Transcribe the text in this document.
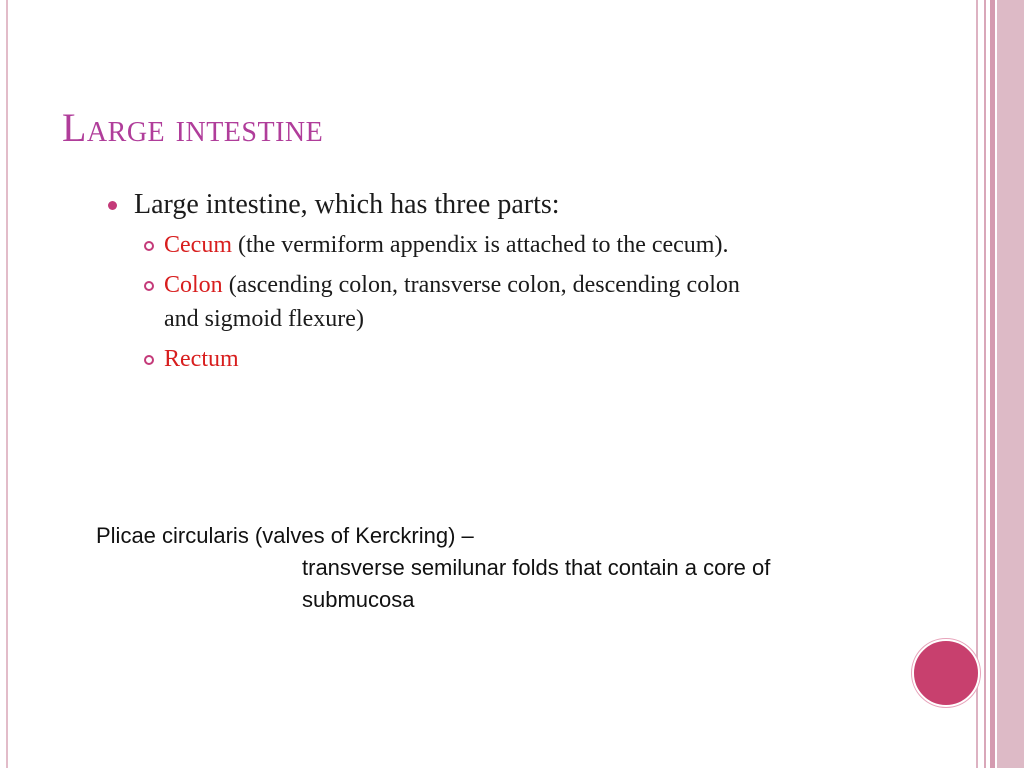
Large intestine
Large intestine, which has three parts:
Cecum (the vermiform appendix is attached to the cecum).
Colon (ascending colon, transverse colon, descending colon and sigmoid flexure)
Rectum
Plicae circularis (valves of Kerckring) –
transverse semilunar folds that contain a core of submucosa
